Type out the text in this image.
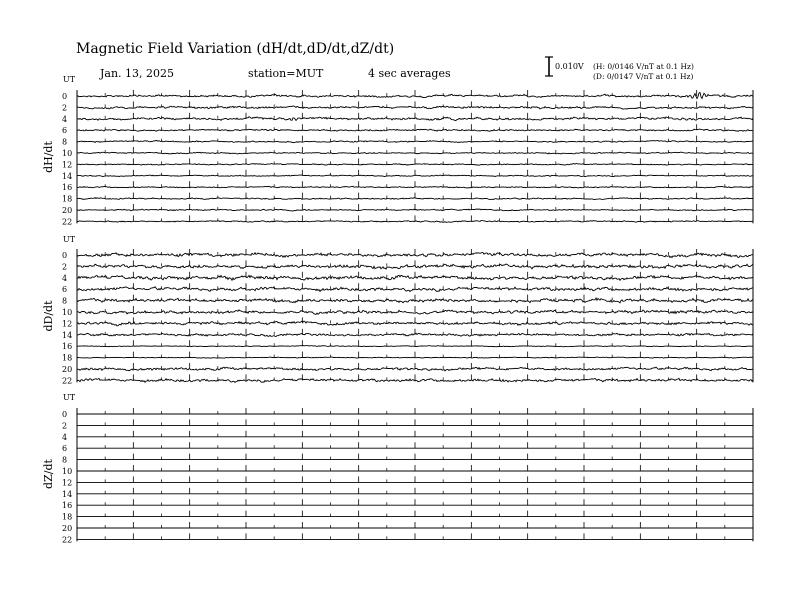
Magnetic Field Variation (dH/dt,dD/dt,dZ/dt)
Jan. 13, 2025	station=MUT	4 sec averages
0.010V (H: 0/0146 V/nT at 0.1 Hz)
(D: 0/0147 V/nT at 0.1 Hz)
UT
dH/dt
0
2
4
6
8
10
12
14
16
18
20
22
UT
dD/dt
0
2
4
6
8
10
12
14
16
18
20
22
UT
dZ/dt
0
2
4
6
8
10
12
14
16
18
20
22
